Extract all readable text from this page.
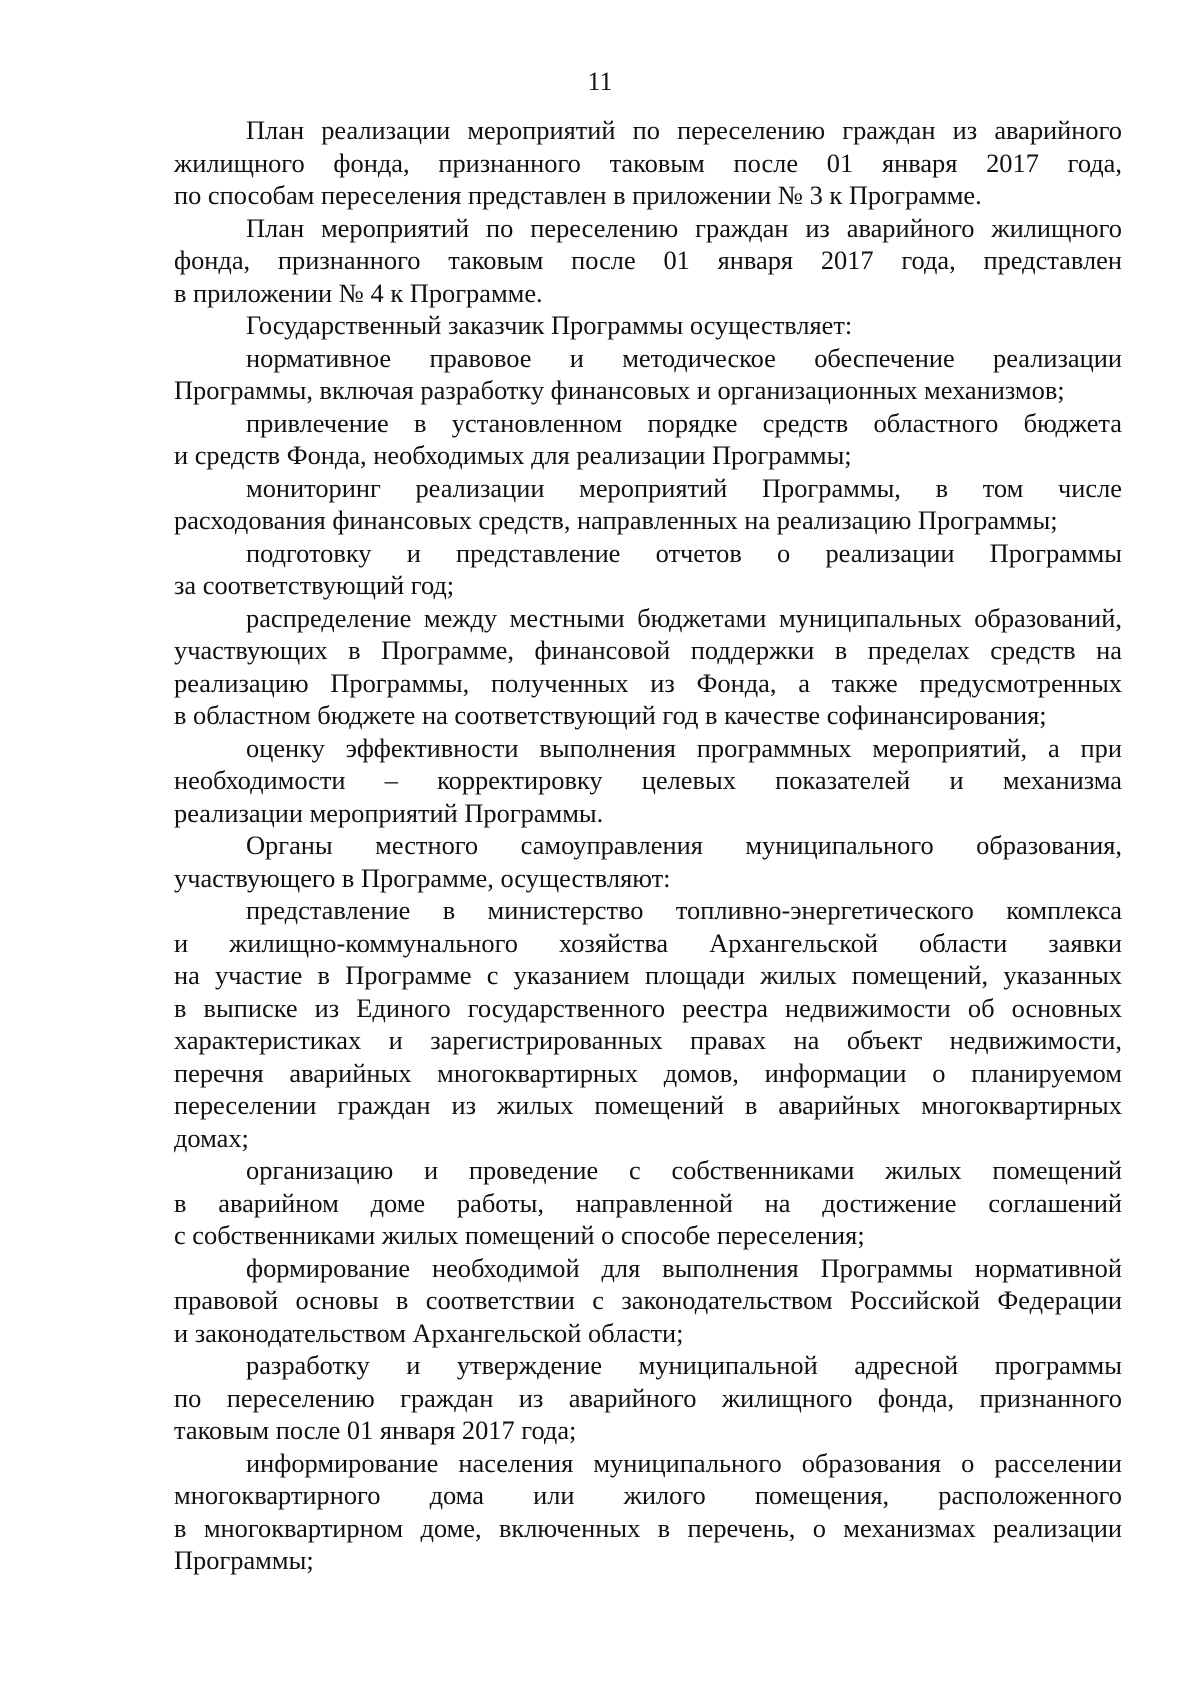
11

План реализации мероприятий по переселению граждан из аварийного
жилищного фонда, признанного таковым после 01 января 2017 года,
по способам переселения представлен в приложении № 3 к Программе.

План мероприятий по переселению граждан из аварийного жилищного
фонда, признанного таковым после 01 января 2017 года, представлен
в приложении № 4 к Программе.

Государственный заказчик Программы осуществляет:

нормативное правовое и методическое обеспечение реализации
Программы, включая разработку финансовых и организационных механизмов;

привлечение в установленном порядке средств областного бюджета
и средств Фонда, необходимых для реализации Программы;

мониторинг реализации мероприятий Программы, в том числе
расходования финансовых средств, направленных на реализацию Программы;

подготовку и представление отчетов о реализации Программы
за соответствующий год;

распределение между местными бюджетами муниципальных образований,
участвующих в Программе, финансовой поддержки в пределах средств на
реализацию Программы, полученных из Фонда, а также предусмотренных
в областном бюджете на соответствующий год в качестве софинансирования;

оценку эффективности выполнения программных мероприятий, а при
необходимости – корректировку целевых показателей и механизма
реализации мероприятий Программы.

Органы местного самоуправления муниципального образования,
участвующего в Программе, осуществляют:

представление в министерство топливно-энергетического комплекса
и жилищно-коммунального хозяйства Архангельской области заявки
на участие в Программе с указанием площади жилых помещений, указанных
в выписке из Единого государственного реестра недвижимости об основных
характеристиках и зарегистрированных правах на объект недвижимости,
перечня аварийных многоквартирных домов, информации о планируемом
переселении граждан из жилых помещений в аварийных многоквартирных
домах;

организацию и проведение с собственниками жилых помещений
в аварийном доме работы, направленной на достижение соглашений
с собственниками жилых помещений о способе переселения;

формирование необходимой для выполнения Программы нормативной
правовой основы в соответствии с законодательством Российской Федерации
и законодательством Архангельской области;

разработку и утверждение муниципальной адресной программы
по переселению граждан из аварийного жилищного фонда, признанного
таковым после 01 января 2017 года;

информирование населения муниципального образования о расселении
многоквартирного дома или жилого помещения, расположенного
в многоквартирном доме, включенных в перечень, о механизмах реализации
Программы;
